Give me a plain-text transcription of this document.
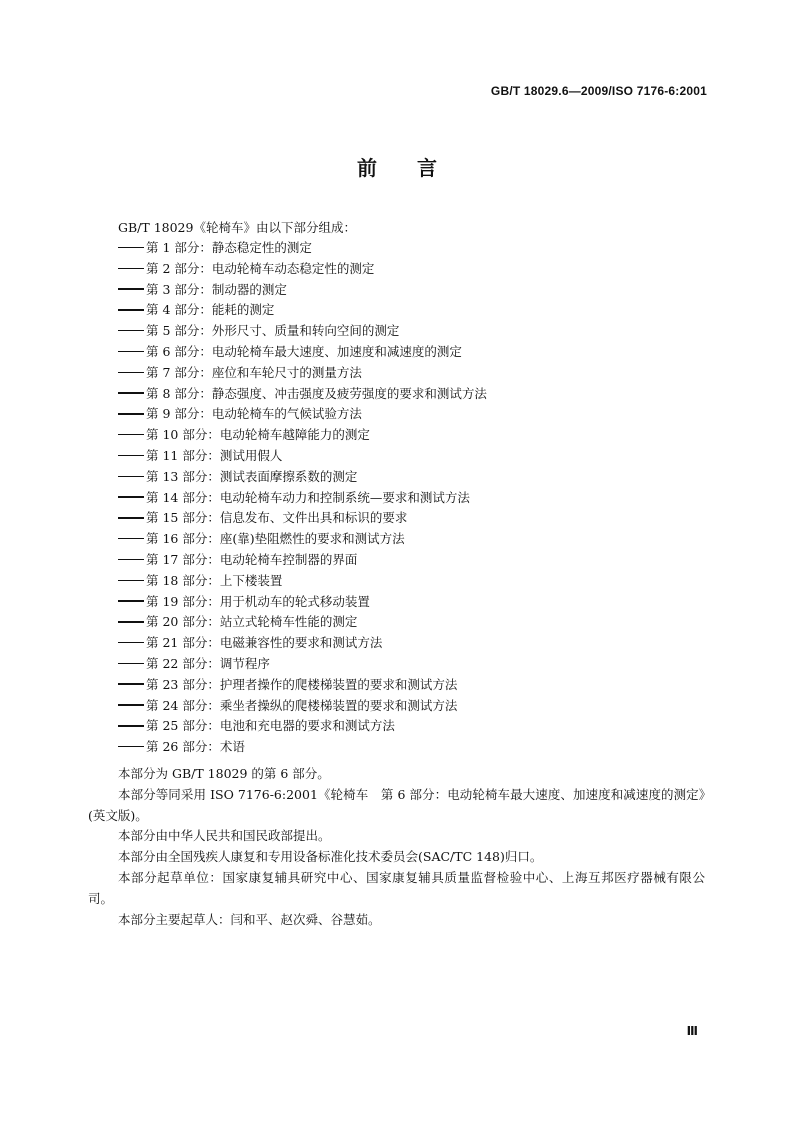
GB/T 18029.6—2009/ISO 7176-6:2001
前言
GB/T 18029《轮椅车》由以下部分组成：
第 1 部分：静态稳定性的测定
第 2 部分：电动轮椅车动态稳定性的测定
第 3 部分：制动器的测定
第 4 部分：能耗的测定
第 5 部分：外形尺寸、质量和转向空间的测定
第 6 部分：电动轮椅车最大速度、加速度和减速度的测定
第 7 部分：座位和车轮尺寸的测量方法
第 8 部分：静态强度、冲击强度及疲劳强度的要求和测试方法
第 9 部分：电动轮椅车的气候试验方法
第 10 部分：电动轮椅车越障能力的测定
第 11 部分：测试用假人
第 13 部分：测试表面摩擦系数的测定
第 14 部分：电动轮椅车动力和控制系统—要求和测试方法
第 15 部分：信息发布、文件出具和标识的要求
第 16 部分：座(靠)垫阻燃性的要求和测试方法
第 17 部分：电动轮椅车控制器的界面
第 18 部分：上下楼装置
第 19 部分：用于机动车的轮式移动装置
第 20 部分：站立式轮椅车性能的测定
第 21 部分：电磁兼容性的要求和测试方法
第 22 部分：调节程序
第 23 部分：护理者操作的爬楼梯装置的要求和测试方法
第 24 部分：乘坐者操纵的爬楼梯装置的要求和测试方法
第 25 部分：电池和充电器的要求和测试方法
第 26 部分：术语

本部分为 GB/T 18029 的第 6 部分。

本部分等同采用 ISO 7176-6:2001《轮椅车　第 6 部分：电动轮椅车最大速度、加速度和减速度的测定》(英文版)。

本部分由中华人民共和国民政部提出。

本部分由全国残疾人康复和专用设备标准化技术委员会(SAC/TC 148)归口。

本部分起草单位：国家康复辅具研究中心、国家康复辅具质量监督检验中心、上海互邦医疗器械有限公司。

本部分主要起草人：闫和平、赵次舜、谷慧茹。

Ⅲ
